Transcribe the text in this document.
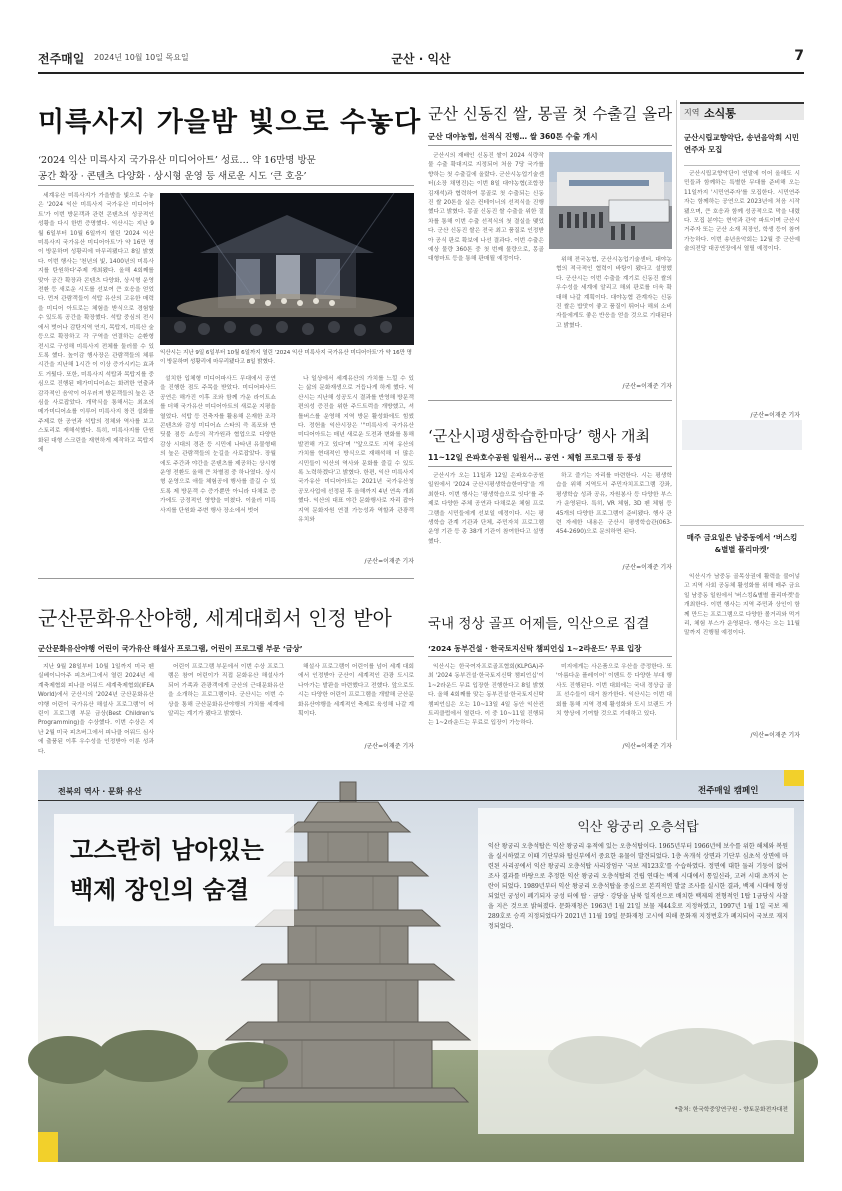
전주매일 2024년 10월 10일 목요일	군산 · 익산	7
미륵사지 가을밤 빛으로 수놓다
‘2024 익산 미륵사지 국가유산 미디어아트’ 성료… 약 16만명 방문
공간 확장 · 콘텐츠 다양화 · 상시형 운영 등 새로운 시도 ‘큰 호응’

세계유산 미륵사지가 가을밤을 빛으로 수놓은 '2024 익산 미륵사지 국가유산 미디어아트'가 이번 방문객과 관련 콘텐츠의 성공적인 성황을 다시 한번 증명했다. 익산시는 지난 9월 6일부터 10월 6일까지 열린 '2024 익산 미륵사지 국가유산 미디어아트'가 약 16만 명이 방문하며 성황리에 마무리됐다고 8일 밝혔다. 이번 행사는 '천년의 빛, 1400년의 미륵사지를 탄원하다'주제 개최됐다. 올해 4회째를 맞아 공간 확장과 콘텐츠 다양화, 상시형 운영 전환 등 새로운 시도를 선보여 큰 호응을 얻었다. 먼저 관람객들이 석탑 유산의 고유한 매력을 미디어 아트로는 체험을 받식으로 경험할 수 있도록 공간을 확장했다. 석탑 중심의 전시에서 벗어나 감탄지역 연지, 목탑지, 미륵산 숲 등으로 확장하고 각 구역을 연결하는 순환형 전시로 구성해 미륵사지 전체를 둘러볼 수 있도록 했다. 높이감 행사장은 관람객들의 체류시간을 지난해 1시간 이 이상 증가시키는 효과도 거뒀다. 또한, 미륵사지 석탑과 목탑지를 중심으로 진행된 메가미디어쇼는 화려한 연출과 감각적인 음악이 어우러져 방문객들의 높은 관심을 사로잡았다. 개막식을 통해서는 최초의 메가미디어쇼를 이루어 미륵사지 창건 설화를 주제로 한 공연과 석탑의 정체와 역사를 보고 스토리로 재해석했다. 특히, 미륵사지를 단원화된 대형 스크린을 재현하게 제작하고 목탑지에

익산시는 지난 9일 6일부터 10월 6일까지 열린 '2024 익산 미륵사지 국가유산 미디어아트'가 약 16만 명이 방문하며 성황리에 마무리됐다고 8일 밝혔다.

설치한 입체형 미디어파사드 무대에서 공연을 진행한 점도 주목을 받았다. 미디어파사드 공연은 해가진 이후 조와 함께 가운 라이트쇼를 더해 국가유산 미디어아트의 새로운 지평을 열었다. 석탑 등 건축자를 활용해 은재한 조각 콘텐츠와 감성 미디어쇼 스타의 즉 폭포와 반딧불 점등 쇼등의 작가원과 협업으로 다양한 감상 시대의 경관 등 시민에 나타낸 유물형태의 높은 관람객들의 눈길을 사로잡았다. 장월에도 주간과 야간을 콘텐츠를 제공하는 상시형 운영 전환도 올해 큰 차별점 중 하나였다. 상시형 운영으로 애들 체험공에 행사를 즐길 수 있도록 제 방문객 수 증가뿐만 아니라 다채로 증가에도 긍정적인 영향을 미쳤다. 이울러 미륵사지를 단원화 주변 행사 장소에서 벗어

나 일상에서 세계유산의 가치를 느낄 수 있는 삶의 문화재생으로 거듭나게 하게 했다. 익산시는 지난해 성공도시 결과를 반영해 방문객 편의성 증진을 위한 주드트럭을 개방했고, 셔틀버스를 운영해 지역 방문 활성화에도 힘썼다. 정헌율 익산시장은 '''미륵사지 국가유산 미디어아트는 매년 새로운 도전과 변화를 통해 발전해 가고 있다'며 ''앞으로도 지역 유산의 가치를 현대적인 방식으로 재해석해 더 많은 시민들이 익산의 역사와 문화를 즐길 수 있도록 노력하겠다'고 밝혔다. 한편, 익산 미륵사지 국가유산 미디어아트는 2021년 국가유산청 공모사업에 선정된 후 올해까지 4년 연속 개최했다. 익산의 대표 야간 문화행사로 자리 잡아 지역 문화자원 연결 가능성과 역할과 관광객 유치와

/군산=이재준 기자
군산 신동진 쌀, 몽골 첫 수출길 올라
군산 대야농협, 선적식 진행… 쌀 360톤 수출 개시

군산시의 재배인 신동진 쌀이 2024 식량작물 수출 확대지로 지정되어 처음 7당 국가를 향하는 첫 수출길에 올랐다. 군산시농업기술센터(소장 채명진)는 이번 8일 대야농협(조합장 김재석)과 협력하여 몽골로 첫 수출되는 신동진 쌀 20톤을 실은 컨테이너의 선적식을 진행했다고 밝혔다. 몽골 신동진 쌀 수출을 위한 절차를 통해 이번 수출 선적식의 첫 결실을 맺었다. 군산 신동진 쌀은 전국 최고 품질로 인정받아 공식 판로 확보에 나선 결과다. 이번 수출은 예상 물량 360톤 중 첫 번째 물량으로, 몽골 대형마트 등을 통해 판매될 예정이다.	위해 전국농협, 군산시농업기술센터, 대야농협의 적극적인 협력이 바탕이 됐다고 설명했다. 군산시는 이번 수출을 계기로 신동진 쌀의 우수성을 세계에 알리고 해외 판로를 더욱 확대해 나갈 계획이다. 대야농협 관계자는 신동진 쌀은 밥맛이 좋고 품질이 뛰어나 해외 소비자들에게도 좋은 반응을 얻을 것으로 기대된다고 밝혔다.

/군산=이재준 기자
‘군산시평생학습한마당’ 행사 개최
11~12일 은파호수공원 일원서… 공연 · 체험 프로그램 등 풍성

군산시가 오는 11일과 12일 은파호수공원 일원에서 '2024 군산시평생학습한마당'을 개최한다. 이번 행사는 '평생학습으로 잇다'를 주제로 다양한 주체 공연과 다채로운 체험 프로그램을 시민들에게 선보일 예정이다. 시는 평생학습 관계 기관과 단체, 주민자치 프로그램 운영 기관 등 총 38개 기관이 참여한다고 설명했다.

하고 즐기는 자리를 마련한다. 시는 평생학습을 위해 지역도서 주민자치프로그램 강좌, 평생학습 성과 공유, 자원봉사 등 다양한 부스가 운영된다. 특히, VR 체험, 3D 펜 체험 등 45개의 다양한 프로그램이 준비됐다. 행사 관련 자세한 내용은 군산시 평생학습관(063-454-2690)으로 문의하면 된다.

/군산=이재준 기자
지역 소식통
군산시립교향악단, 송년음악회 시민연주자 모집

군산시립교향악단이 연말에 이어 올해도 시민들과 함께하는 특별한 무대를 준비해 오는 11일까지 '시민연주자'를 모집한다. 시민연주자는 함께하는 공연으로 2023년에 처음 시작됐으며, 큰 호응과 함께 성공적으로 막을 내렸다. 모집 분야는 현악과 관악 파트이며 군산시 거주자 또는 군산 소재 직장인, 학생 등이 참여 가능하다. 이번 송년음악회는 12월 중 군산예술의전당 대공연장에서 열릴 예정이다.

/군산=이재준 기자
매주 금요일은 남중동에서 ‘버스킹&별별 플리마켓’

익산시가 남중동 골목상권에 활력을 불어넣고 지역 사회 공동체 활성화를 위해 매주 금요일 남중동 일원에서 '버스킹&별별 플리마켓'을 개최한다. 이번 행사는 지역 주민과 상인이 함께 만드는 프로그램으로 다양한 볼거리와 먹거리, 체험 부스가 운영된다. 행사는 오는 11월 말까지 진행될 예정이다.

/익산=이재준 기자
군산문화유산야행, 세계대회서 인정 받아
군산문화유산야행 어린이 국가유산 해설사 프로그램, 어린이 프로그램 부문 ‘금상’

지난 9월 28일부터 10월 1일까지 미국 펜실베이니아주 피츠버그에서 열린 2024년 세계축제협회 피나클 어워드 세계축제협회(IFEA World)에서 군산시의 '2024년 군산문화유산야행 어린이 국가유산 해설사 프로그램'이 어린이 프로그램 부문 금상(Best Children's Programming)을 수상했다. 이번 수상은 지난 2월 미국 피츠버그에서 피나클 어워드 심사에 출품된 이후 우수성을 인정받아 이룬 성과다.

어린이 프로그램 부문에서 이번 수상 프로그램은 참여 어린이가 직접 문화유산 해설사가 되어 가족과 관광객에게 군산의 근대문화유산을 소개하는 프로그램이다. 군산시는 이번 수상을 통해 군산문화유산야행의 가치를 세계에 알리는 계기가 됐다고 밝혔다.

해설사 프로그램이 어린이를 넘어 세계 대회에서 인정받아 군산이 세계적인 관광 도시로 나아가는 발판을 마련했다고 전했다. 앞으로도 시는 다양한 어린이 프로그램을 개발해 군산문화유산야행을 세계적인 축제로 육성해 나갈 계획이다.

/군산=이재준 기자
국내 정상 골프 어제들, 익산으로 집결
‘2024 동부건설 · 한국토지신탁 챔피언십 1~2라운드’ 무료 입장

익산시는 한국여자프로골프협회(KLPGA)주최 '2024 동부건설·한국토지신탁 챔피언십'이 1~2라운드 무료 입장한 진행한다고 8일 밝혔다. 올해 4회째를 맞는 동부건설·한국토지신탁 챔피언십은 오는 10~13일 4일 동안 익산컨트리클럽에서 열린다. 이 중 10~11일 진행되는 1~2라운드는 무료로 입장이 가능하다.

미지에게는 사은품으로 우산을 증정한다. 또 '아름다운 플레이어' 이벤트 등 다양한 부대 행사도 진행된다. 이번 대회에는 국내 정상급 골프 선수들이 대거 참가한다. 익산시는 이번 대회를 통해 지역 경제 활성화와 도시 브랜드 가치 향상에 기여할 것으로 기대하고 있다.

/익산=이재준 기자
전북의 역사 · 문화 유산	전주매일 캠페인
고스란히 남아있는
백제 장인의 숨결
익산 왕궁리 오층석탑
익산 왕궁리 오층석탑은 익산 왕궁리 유적에 있는 오층석탑이다. 1965년부터 1966년에 보수를 위한 해체와 복원을 실시하였고 이때 기단부와 탑신부에서 중요한 유물이 발견되었다. 1층 옥개석 상면과 기단부 심초석 상면에 마련된 사리공에서 익산 왕궁리 오층석탑 사리장엄구 '국보 제123호'를 수습하였다. 정면에 대한 둘러 기둥이 없어 조사 결과를 바탕으로 추정한 익산 왕궁리 오층석탑의 건립 연대는 백제 시대에서 통일신라, 고려 시대 초까지 논란이 되었다. 1989년부터 익산 왕궁리 오층석탑을 중심으로 본격적인 발굴 조사를 실시한 결과, 백제 시대에 형성되었던 궁성이 폐기되자 궁성 터에 탑 · 금당 · 강당을 남북 일직선으로 배치한 백제의 전형적인 1탑 1금당식 사찰을 지은 것으로 밝혀졌다. 문화재청은 1963년 1월 21일 보물 제44호로 지정하였고, 1997년 1월 1일 국보 제289호로 승격 지정되었다가 2021년 11월 19일 문화재청 고시에 의해 문화재 지정번호가 폐지되어 국보로 재지정되었다.
*출처: 한국학중앙연구원 - 향토문화전자대전
